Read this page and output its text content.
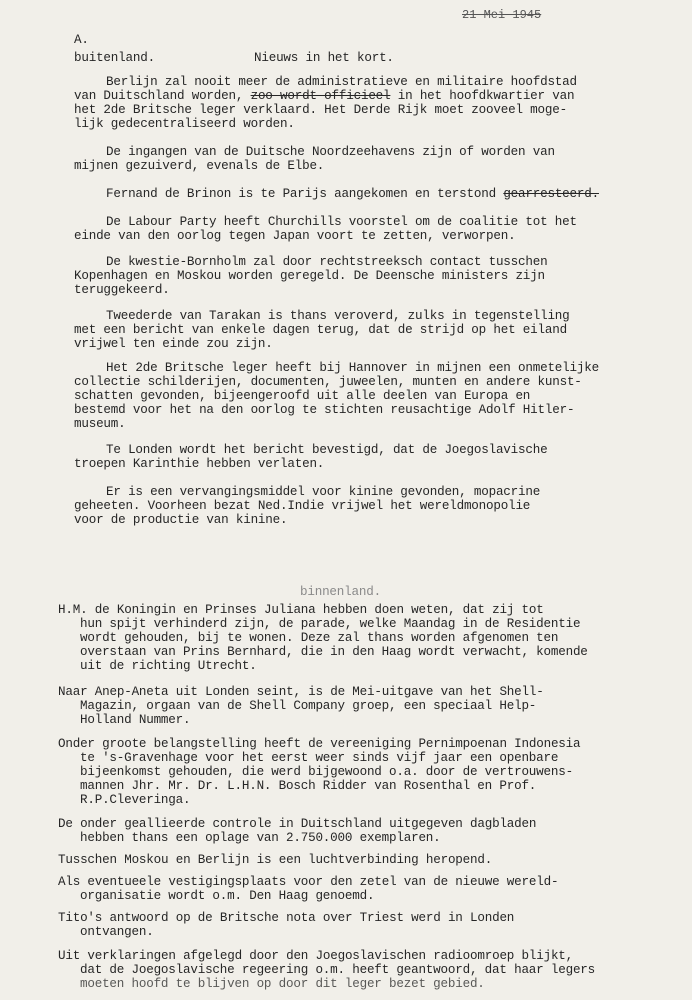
21 Mei 1945
A.
buitenland.	Nieuws in het kort.
Berlijn zal nooit meer de administratieve en militaire hoofdstad
van Duitschland worden, zoo wordt officieel in het hoofdkwartier van
het 2de Britsche leger verklaard. Het Derde Rijk moet zooveel moge-
lijk gedecentraliseerd worden.
De ingangen van de Duitsche Noordzeehavens zijn of worden van
mijnen gezuiverd, evenals de Elbe.
Fernand de Brinon is te Parijs aangekomen en terstond gearresteerd.
De Labour Party heeft Churchills voorstel om de coalitie tot het
einde van den oorlog tegen Japan voort te zetten, verworpen.
De kwestie-Bornholm zal door rechtstreeksch contact tusschen
Kopenhagen en Moskou worden geregeld. De Deensche ministers zijn
teruggekeerd.
Tweederde van Tarakan is thans veroverd, zulks in tegenstelling
met een bericht van enkele dagen terug, dat de strijd op het eiland
vrijwel ten einde zou zijn.
Het 2de Britsche leger heeft bij Hannover in mijnen een onmetelijke
collectie schilderijen, documenten, juweelen, munten en andere kunst-
schatten gevonden, bijeengeroofd uit alle deelen van Europa en
bestemd voor het na den oorlog te stichten reusachtige Adolf Hitler-
museum.
Te Londen wordt het bericht bevestigd, dat de Joegoslavische
troepen Karinthie hebben verlaten.
Er is een vervangingsmiddel voor kinine gevonden, mopacrine
geheeten. Voorheen bezat Ned.Indie vrijwel het wereldmonopolie
voor de productie van kinine.
binnenland.
H.M. de Koningin en Prinses Juliana hebben doen weten, dat zij tot
hun spijt verhinderd zijn, de parade, welke Maandag in de Residentie
wordt gehouden, bij te wonen. Deze zal thans worden afgenomen ten
overstaan van Prins Bernhard, die in den Haag wordt verwacht, komende
uit de richting Utrecht.
Naar Anep-Aneta uit Londen seint, is de Mei-uitgave van het Shell-
Magazin, orgaan van de Shell Company groep, een speciaal Help-
Holland Nummer.
Onder groote belangstelling heeft de vereeniging Pernimpoenan Indonesia
te 's-Gravenhage voor het eerst weer sinds vijf jaar een openbare
bijeenkomst gehouden, die werd bijgewoond o.a. door de vertrouwens-
mannen Jhr. Mr. Dr. L.H.N. Bosch Ridder van Rosenthal en Prof.
R.P.Cleveringa.
De onder geallieerde controle in Duitschland uitgegeven dagbladen
hebben thans een oplage van 2.750.000 exemplaren.
Tusschen Moskou en Berlijn is een luchtverbinding heropend.
Als eventueele vestigingsplaats voor den zetel van de nieuwe wereld-
organisatie wordt o.m. Den Haag genoemd.
Tito's antwoord op de Britsche nota over Triest werd in Londen
ontvangen.
Uit verklaringen afgelegd door den Joegoslavischen radioomroep blijkt,
dat de Joegoslavische regeering o.m. heeft geantwoord, dat haar legers
moeten hoofd te blijven op door dit leger bezet gebied.
